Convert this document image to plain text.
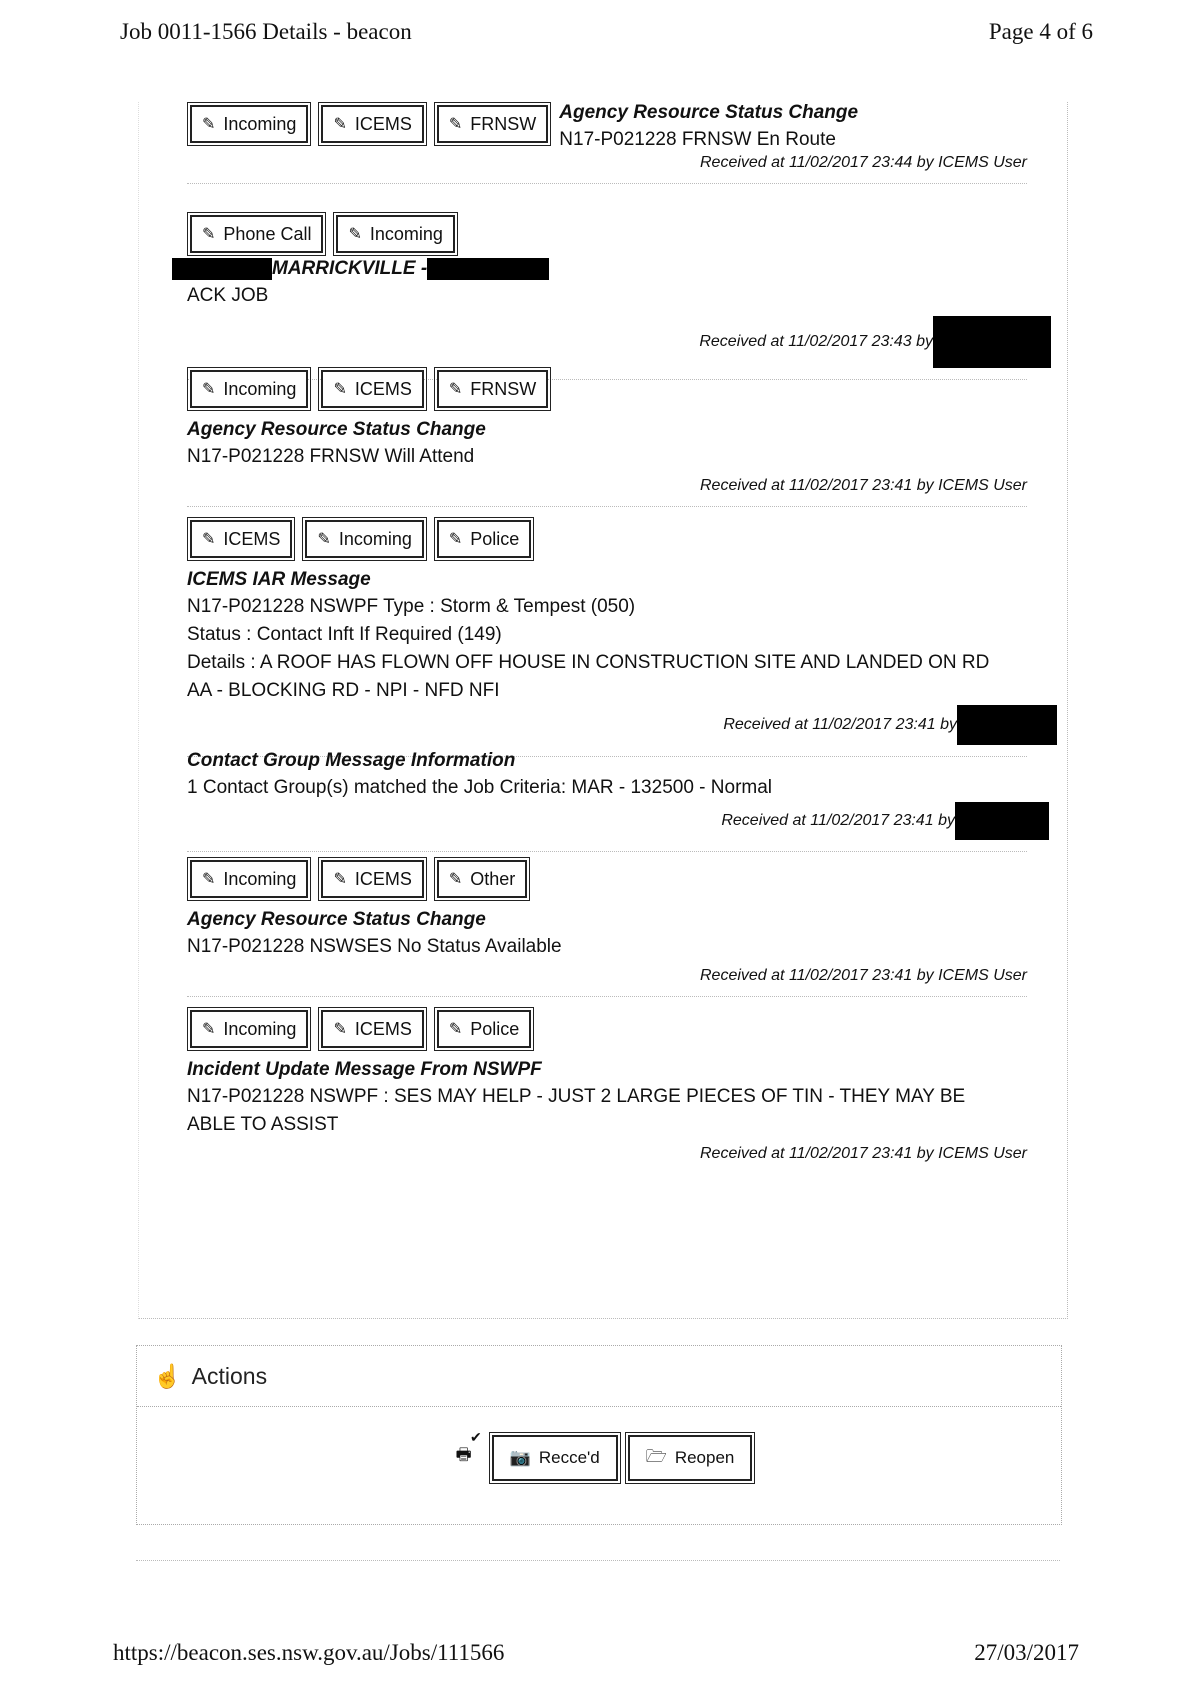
Job 0011-1566 Details - beacon	Page 4 of 6
✎ Incoming ✎ ICEMS ✎ FRNSW
Agency Resource Status Change
N17-P021228 FRNSW En Route
Received at 11/02/2017 23:44 by ICEMS User
✎ Phone Call ✎ Incoming
MARRICKVILLE -
ACK JOB
Received at 11/02/2017 23:43 by
✎ Incoming ✎ ICEMS ✎ FRNSW
Agency Resource Status Change
N17-P021228 FRNSW Will Attend
Received at 11/02/2017 23:41 by ICEMS User
✎ ICEMS ✎ Incoming ✎ Police
ICEMS IAR Message
N17-P021228 NSWPF Type : Storm & Tempest (050)
Status : Contact Inft If Required (149)
Details : A ROOF HAS FLOWN OFF HOUSE IN CONSTRUCTION SITE AND LANDED ON RD
AA - BLOCKING RD - NPI - NFD NFI
Received at 11/02/2017 23:41 by
Contact Group Message Information
1 Contact Group(s) matched the Job Criteria: MAR - 132500 - Normal
Received at 11/02/2017 23:41 by
✎ Incoming ✎ ICEMS ✎ Other
Agency Resource Status Change
N17-P021228 NSWSES No Status Available
Received at 11/02/2017 23:41 by ICEMS User
✎ Incoming ✎ ICEMS ✎ Police
Incident Update Message From NSWPF
N17-P021228 NSWPF : SES MAY HELP - JUST 2 LARGE PIECES OF TIN - THEY MAY BE
ABLE TO ASSIST
Received at 11/02/2017 23:41 by ICEMS User
☝ Actions
🖶
✔
📷 Recce'd	🗁 Reopen
https://beacon.ses.nsw.gov.au/Jobs/111566	27/03/2017
